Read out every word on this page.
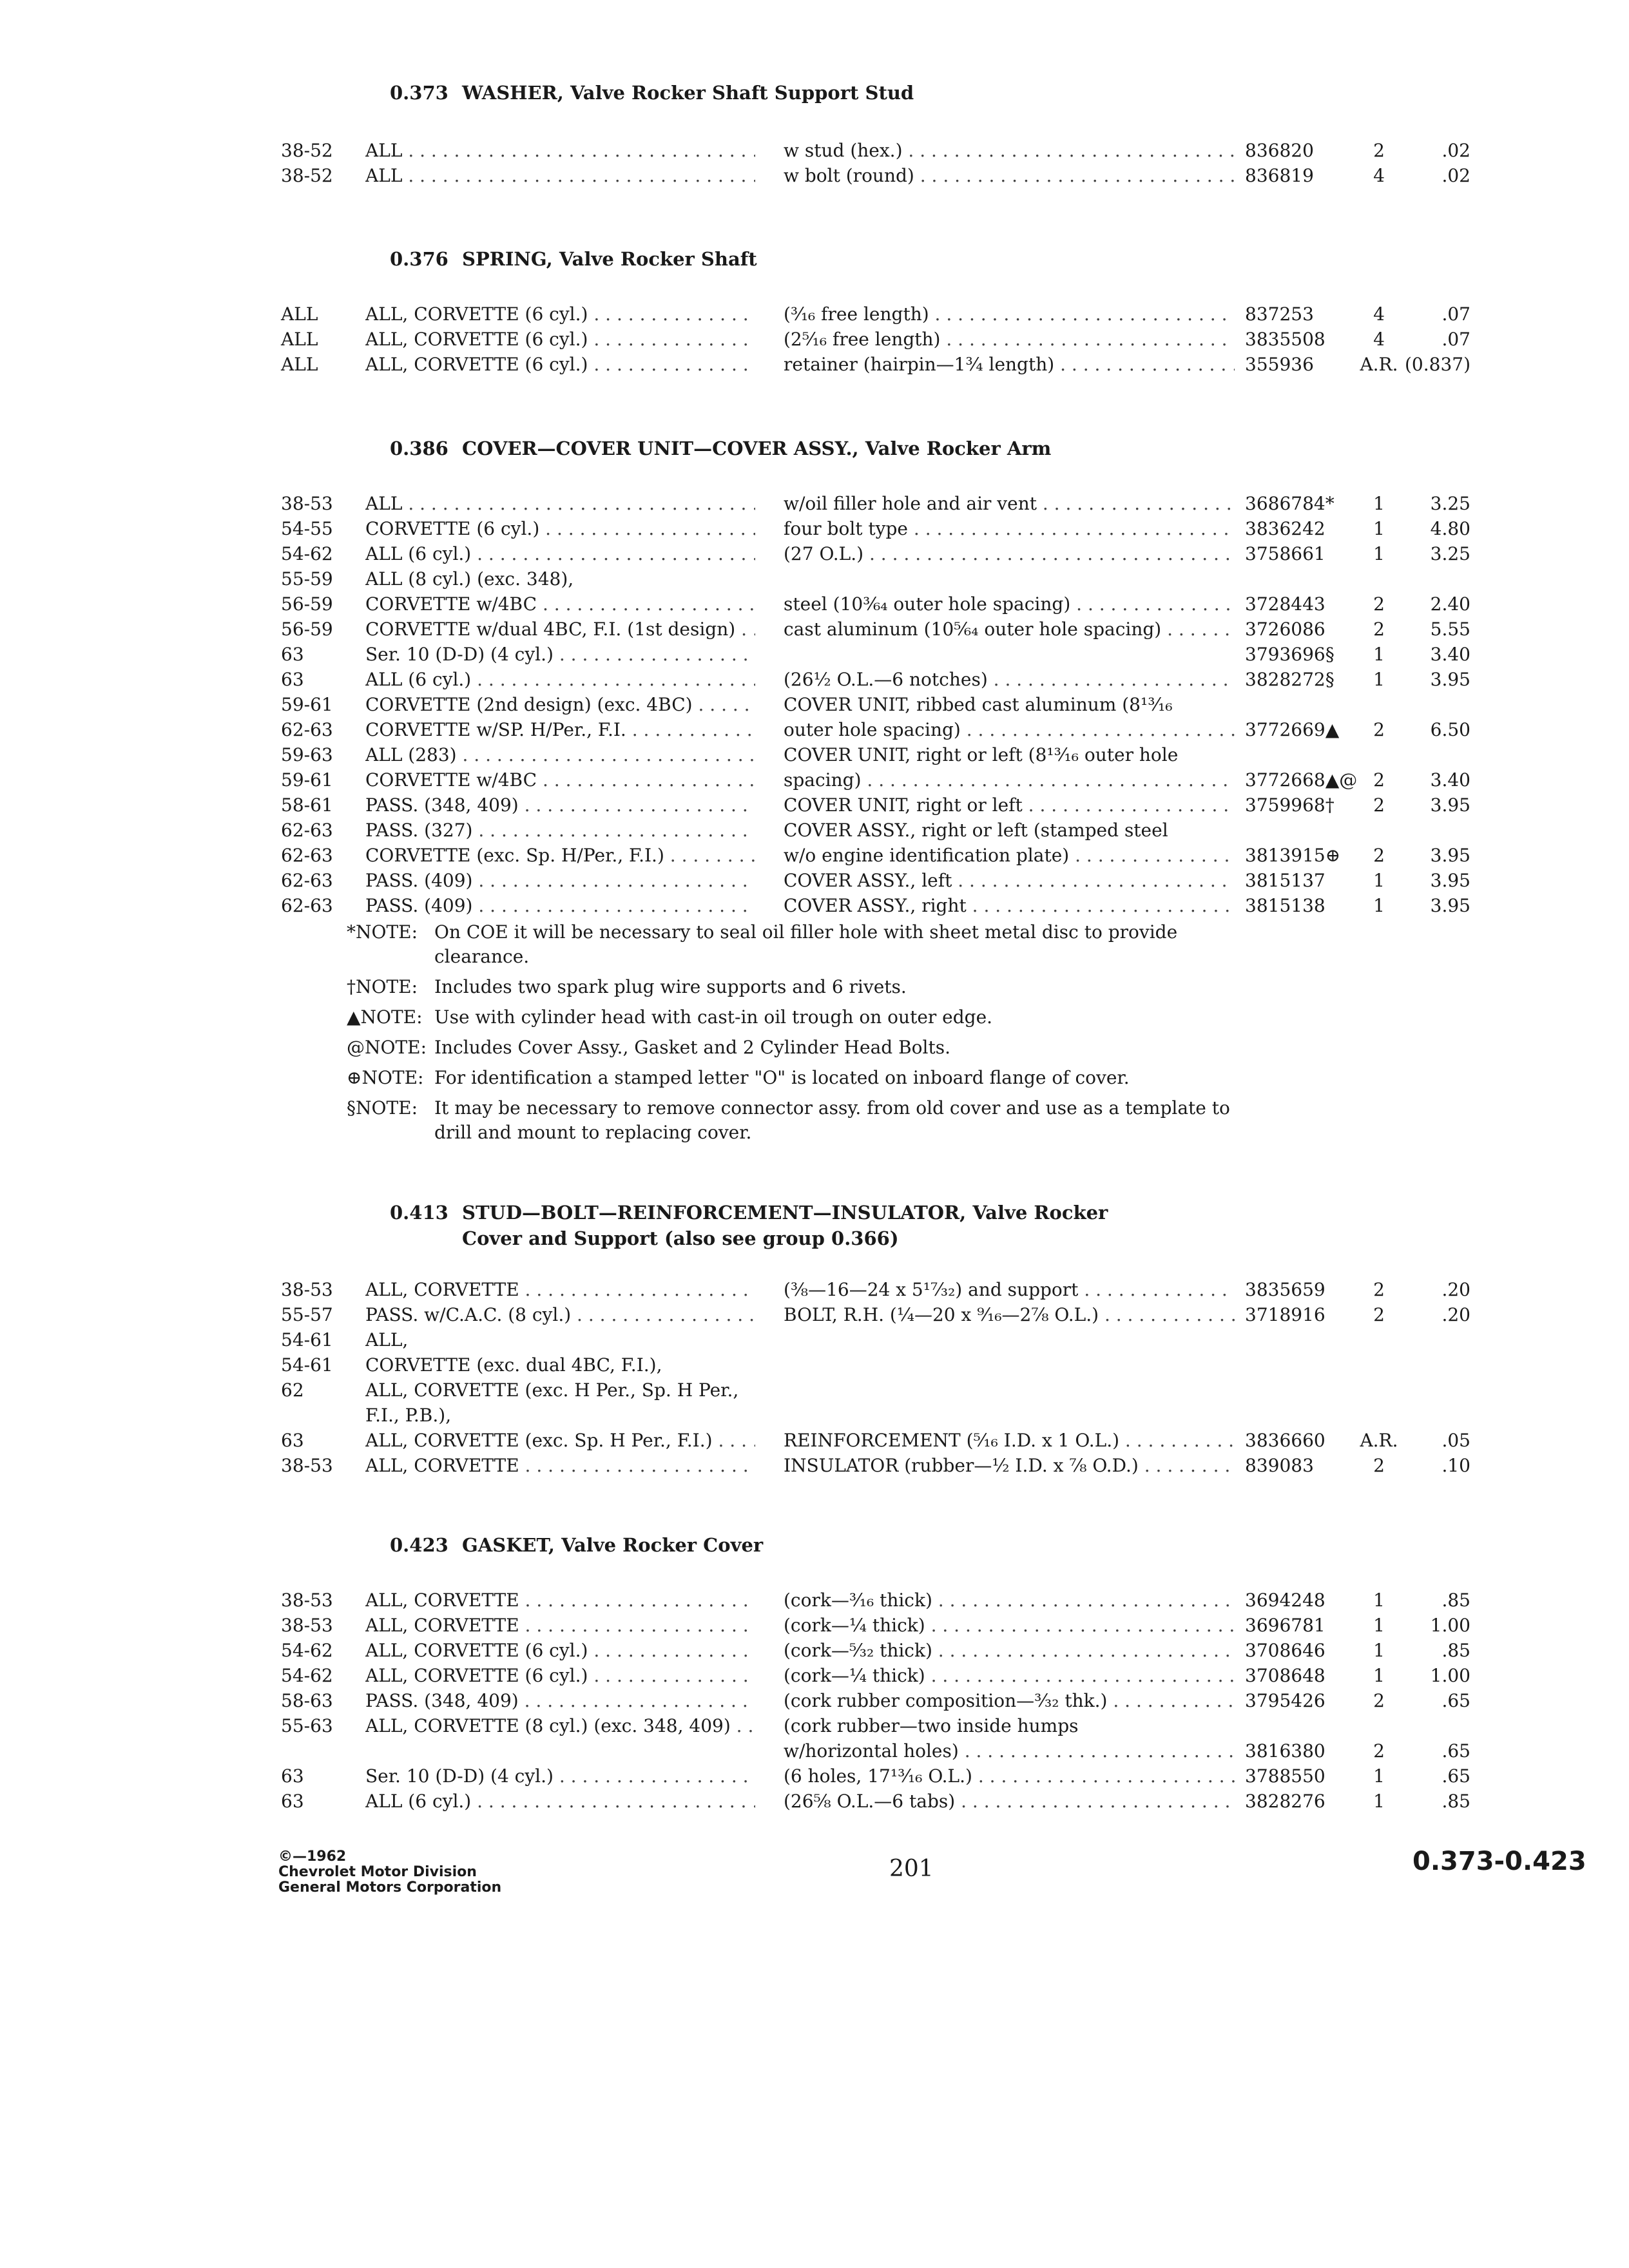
0.373 WASHER, Valve Rocker Shaft Support Stud
38-52 ALL . . .	w stud (hex.) . . .	836820	2	.02
38-52 ALL . . .	w bolt (round) . . .	836819	4	.02
0.376 SPRING, Valve Rocker Shaft
ALL	ALL, CORVETTE (6 cyl.) . . .	(³⁄₁₆ free length) . . .	837253	4	.07
ALL	ALL, CORVETTE (6 cyl.) . . .	(2⁵⁄₁₆ free length) . . .	3835508	4	.07
ALL	ALL, CORVETTE (6 cyl.) . . .	retainer (hairpin—1¾ length) . . .	355936	A.R. (0.837)
0.386 COVER—COVER UNIT—COVER ASSY., Valve Rocker Arm
38-53 ALL . . .	w/oil filler hole and air vent . . .	3686784*	1	3.25
54-55 CORVETTE (6 cyl.) . . .	four bolt type . . .	3836242	1	4.80
54-62 ALL (6 cyl.) . . .	(27 O.L.) . . .	3758661	1	3.25
55-59 ALL (8 cyl.) (exc. 348),
56-59 CORVETTE w/4BC . . .	steel (10³⁄₆₄ outer hole spacing) . . .	3728443	2	2.40
56-59 CORVETTE w/dual 4BC, F.I. (1st design) . . .	cast aluminum (10⁵⁄₆₄ outer hole spacing) . . .	3726086	2	5.55
63	Ser. 10 (D-D) (4 cyl.) . . .	3793696§	1	3.40
63	ALL (6 cyl.) . . .	(26½ O.L.—6 notches) . . .	3828272§	1	3.95
59-61 CORVETTE (2nd design) (exc. 4BC) . . .	COVER UNIT, ribbed cast aluminum (8¹³⁄₁₆
62-63 CORVETTE w/SP. H/Per., F.I. . . .	outer hole spacing) . . .	3772669▲	2	6.50
59-63 ALL (283) . . .	COVER UNIT, right or left (8¹³⁄₁₆ outer hole
59-61 CORVETTE w/4BC . . .	spacing) . . .	3772668▲@ 2	3.40
58-61 PASS. (348, 409) . . .	COVER UNIT, right or left . . .	3759968†	2	3.95
62-63 PASS. (327) . . .	COVER ASSY., right or left (stamped steel
62-63 CORVETTE (exc. Sp. H/Per., F.I.) . . .	w/o engine identification plate) . . .	3813915⊕	2	3.95
62-63 PASS. (409) . . .	COVER ASSY., left . . .	3815137	1	3.95
62-63 PASS. (409) . . .	COVER ASSY., right . . .	3815138	1	3.95
*NOTE: On COE it will be necessary to seal oil filler hole with sheet metal disc to provide clearance.
†NOTE: Includes two spark plug wire supports and 6 rivets.
▲NOTE: Use with cylinder head with cast-in oil trough on outer edge.
@NOTE: Includes Cover Assy., Gasket and 2 Cylinder Head Bolts.
⊕NOTE: For identification a stamped letter "O" is located on inboard flange of cover.
§NOTE: It may be necessary to remove connector assy. from old cover and use as a template to drill and mount to replacing cover.
0.413 STUD—BOLT—REINFORCEMENT—INSULATOR, Valve Rocker
Cover and Support (also see group 0.366)
38-53 ALL, CORVETTE . . .	(⅜—16—24 x 5¹⁷⁄₃₂) and support . . .	3835659	2	.20
55-57 PASS. w/C.A.C. (8 cyl.) . . .	BOLT, R.H. (¼—20 x ⁹⁄₁₆—2⅞ O.L.) . . .	3718916	2	.20
54-61 ALL,
54-61 CORVETTE (exc. dual 4BC, F.I.),
62	ALL, CORVETTE (exc. H Per., Sp. H Per.,
F.I., P.B.),
63	ALL, CORVETTE (exc. Sp. H Per., F.I.) . . .	REINFORCEMENT (⁵⁄₁₆ I.D. x 1 O.L.) . . .	3836660	A.R.	.05
38-53 ALL, CORVETTE . . .	INSULATOR (rubber—½ I.D. x ⅞ O.D.) . . .	839083	2	.10
0.423 GASKET, Valve Rocker Cover
38-53 ALL, CORVETTE . . .	(cork—³⁄₁₆ thick) . . .	3694248	1	.85
38-53 ALL, CORVETTE . . .	(cork—¼ thick) . . .	3696781	1	1.00
54-62 ALL, CORVETTE (6 cyl.) . . .	(cork—⁵⁄₃₂ thick) . . .	3708646	1	.85
54-62 ALL, CORVETTE (6 cyl.) . . .	(cork—¼ thick) . . .	3708648	1	1.00
58-63 PASS. (348, 409) . . .	(cork rubber composition—³⁄₃₂ thk.) . . .	3795426	2	.65
55-63 ALL, CORVETTE (8 cyl.) (exc. 348, 409) . . .	(cork rubber—two inside humps
w/horizontal holes) . . .	3816380	2	.65
63	Ser. 10 (D-D) (4 cyl.) . . .	(6 holes, 17¹³⁄₁₆ O.L.) . . .	3788550	1	.65
63	ALL (6 cyl.) . . .	(26⅝ O.L.—6 tabs) . . .	3828276	1	.85
©—1962
Chevrolet Motor Division
General Motors Corporation
201	0.373-0.423
